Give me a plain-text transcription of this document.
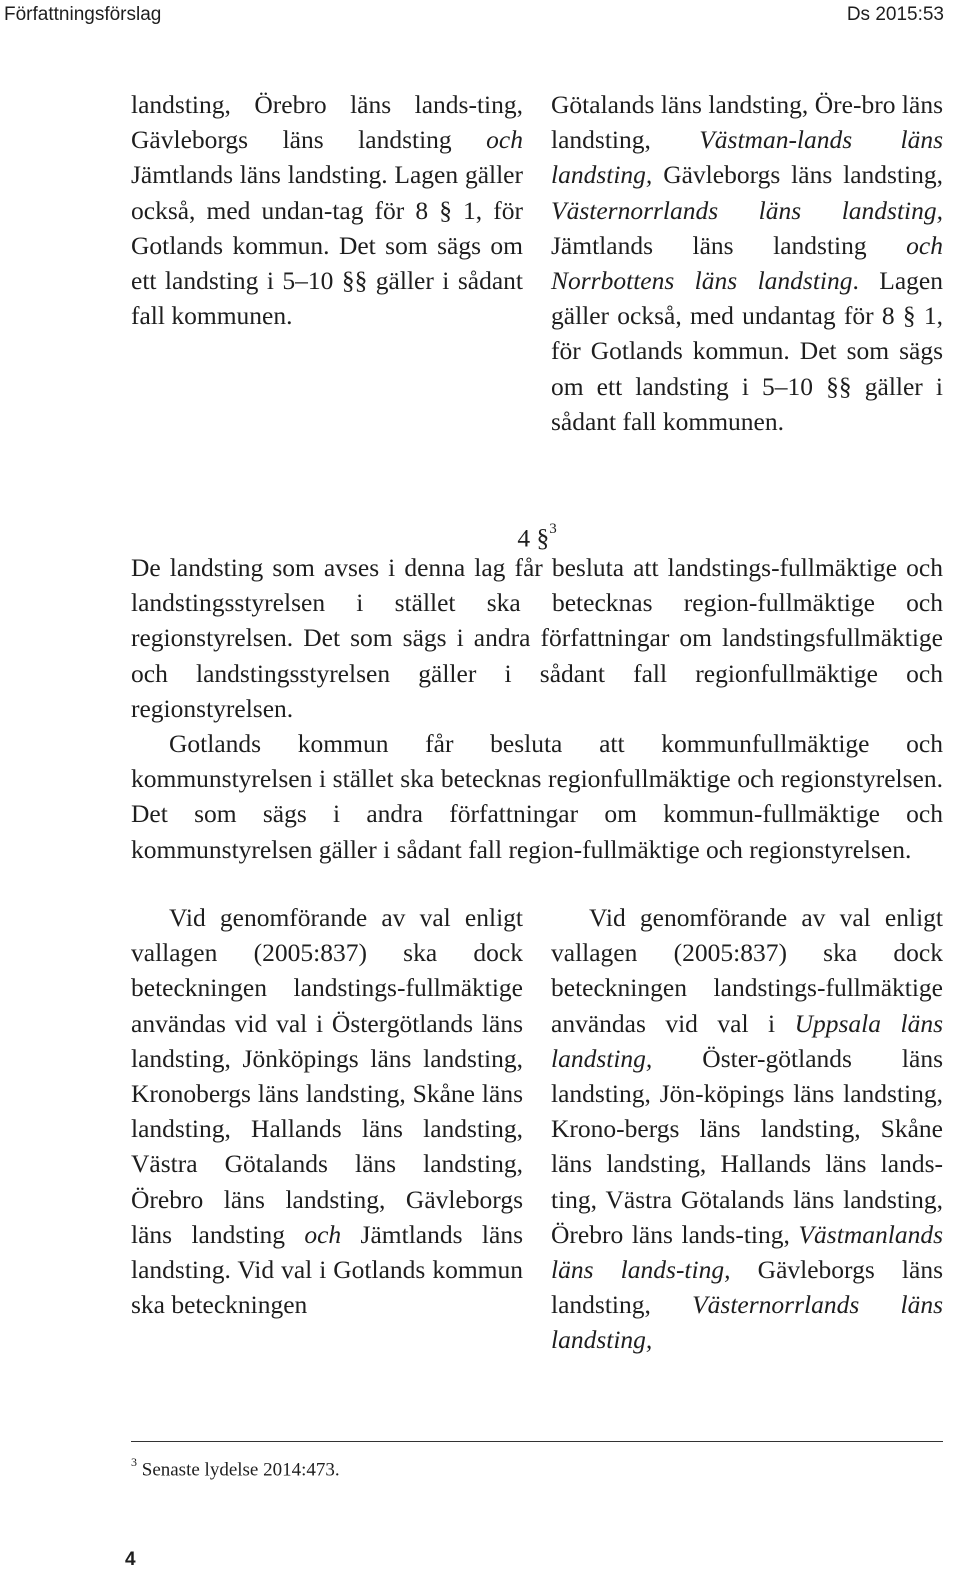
Författningsförslag	Ds 2015:53

landsting, Örebro läns lands-ting, Gävleborgs läns landsting och Jämtlands läns landsting. Lagen gäller också, med undan-tag för 8 § 1, för Gotlands kommun. Det som sägs om ett landsting i 5–10 §§ gäller i sådant fall kommunen.

Götalands läns landsting, Öre-bro läns landsting, Västman-lands läns landsting, Gävleborgs läns landsting, Västernorrlands läns landsting, Jämtlands läns landsting och Norrbottens läns landsting. Lagen gäller också, med undantag för 8 § 1, för Gotlands kommun. Det som sägs om ett landsting i 5–10 §§ gäller i sådant fall kommunen.

4 §$^3$

De landsting som avses i denna lag får besluta att landstings-fullmäktige och landstingsstyrelsen i stället ska betecknas region-fullmäktige och regionstyrelsen. Det som sägs i andra författningar om landstingsfullmäktige och landstingsstyrelsen gäller i sådant fall regionfullmäktige och regionstyrelsen.

Gotlands kommun får besluta att kommunfullmäktige och kommunstyrelsen i stället ska betecknas regionfullmäktige och regionstyrelsen. Det som sägs i andra författningar om kommun-fullmäktige och kommunstyrelsen gäller i sådant fall region-fullmäktige och regionstyrelsen.

Vid genomförande av val enligt vallagen (2005:837) ska dock beteckningen landstings-fullmäktige användas vid val i Östergötlands läns landsting, Jönköpings läns landsting, Kronobergs läns landsting, Skåne läns landsting, Hallands läns landsting, Västra Götalands läns landsting, Örebro läns landsting, Gävleborgs läns landsting och Jämtlands läns landsting. Vid val i Gotlands kommun ska beteckningen

Vid genomförande av val enligt vallagen (2005:837) ska dock beteckningen landstings-fullmäktige användas vid val i Uppsala läns landsting, Öster-götlands läns landsting, Jön-köpings läns landsting, Krono-bergs läns landsting, Skåne läns landsting, Hallands läns lands-ting, Västra Götalands läns landsting, Örebro läns lands-ting, Västmanlands läns lands-ting, Gävleborgs läns landsting, Västernorrlands läns landsting,

$^3$ Senaste lydelse 2014:473.
4
